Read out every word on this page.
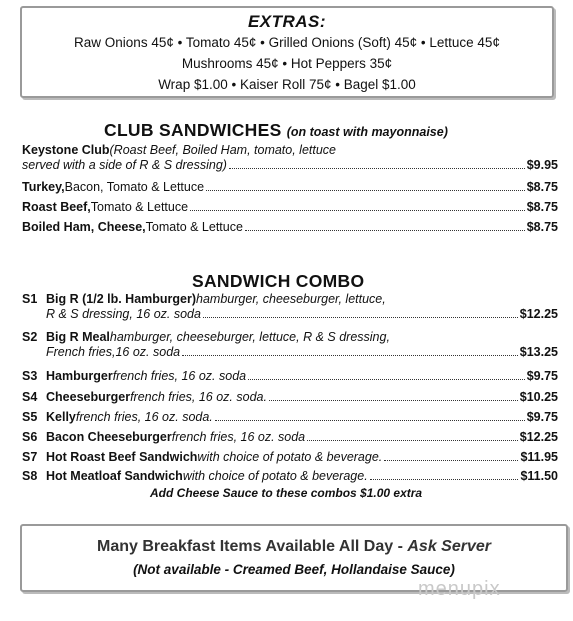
EXTRAS:
Raw Onions 45¢ • Tomato 45¢ • Grilled Onions (Soft) 45¢ • Lettuce 45¢
Mushrooms 45¢ • Hot Peppers 35¢
Wrap $1.00 • Kaiser Roll 75¢ • Bagel $1.00
CLUB SANDWICHES (on toast with mayonnaise)
Keystone Club (Roast Beef, Boiled Ham, tomato, lettuce
served with a side of R & S dressing)	$9.95
Turkey, Bacon, Tomato & Lettuce	$8.75
Roast Beef, Tomato & Lettuce	$8.75
Boiled Ham, Cheese, Tomato & Lettuce	$8.75
SANDWICH COMBO
S1 Big R (1/2 lb. Hamburger) hamburger, cheeseburger, lettuce,
R & S dressing, 16 oz. soda	$12.25
S2 Big R Meal hamburger, cheeseburger, lettuce, R & S dressing,
French fries,16 oz. soda	$13.25
S3 Hamburger french fries, 16 oz. soda	$9.75
S4 Cheeseburger french fries, 16 oz. soda.	$10.25
S5 Kelly french fries, 16 oz. soda.	$9.75
S6 Bacon Cheeseburger french fries, 16 oz. soda	$12.25
S7 Hot Roast Beef Sandwich with choice of potato & beverage.	$11.95
S8 Hot Meatloaf Sandwich with choice of potato & beverage.	$11.50
Add Cheese Sauce to these combos $1.00 extra
Many Breakfast Items Available All Day - Ask Server
(Not available - Creamed Beef, Hollandaise Sauce)
menupix
